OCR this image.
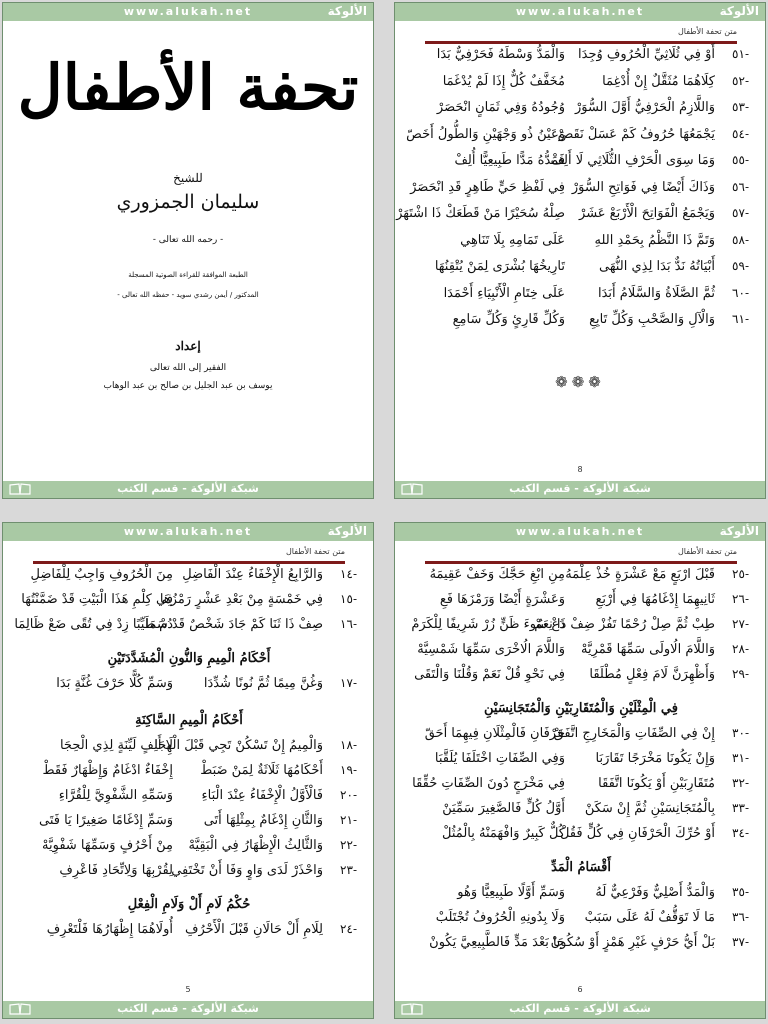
www.alukah.net	الألوكة
تحفة الأطفال
للشيخ
سليمان الجمزوري
- رحمه الله تعالى -
الطبعة الموافقة للقراءة الصوتية المسجلة
المدكتور / أيمن رشدي سويد - حفظه الله تعالى -
إعداد
الفقير إلى الله تعالى
يوسف بن عبد الجليل بن صالح بن عبد الوهاب
شبكة الألوكة - قسم الكتب
www.alukah.net	الألوكة
متن تحفة الأطفال
-٥١
أَوْ فِي ثُلَاثِيِّ الْحُرُوفِ وُجِدَا
وَالْمَدُّ وَسْطَهُ فَحَرْفِيٌّ بَدَا
-٥٢
كِلَاهُمَا مُثَقَّلٌ إِنْ أُدْغِمَا
مُخَفَّفٌ كُلٌّ إِذَا لَمْ يُدْغَمَا
-٥٣
وَاللَّازِمُ الْحَرْفِيُّ أَوَّلَ السُّوَرْ
وُجُودُهُ وَفِي ثَمَانٍ انْحَصَرْ
-٥٤
يَجْمَعُهَا حُرُوفُ كَمْ عَسَلْ نَقَصْ
وَعَيْنُ ذُو وَجْهَيْنِ وَالطُّولُ أَخَصّ
-٥٥
وَمَا سِوَى الْحَرْفِ الثُّلَاثِي لَا أَلِفْ
فَمَدُّهُ مَدًّا طَبِيعِيًّا أُلِفْ
-٥٦
وَذَاكَ أَيْضًا فِي فَوَاتِحِ السُّوَرْ
فِي لَفْظِ حَيٍّ طَاهِرٍ قَدِ انْحَصَرْ
-٥٧
وَيَجْمَعُ الْفَوَاتِحَ الْأَرْبَعْ عَشَرْ
صِلْهُ سُحَيْرًا مَنْ قَطَعَكْ ذَا اشْتَهَرْ
-٥٨
وَتَمَّ ذَا النَّظْمُ بِحَمْدِ اللهِ
عَلَى تَمَامِهِ بِلَا تَنَاهِي
-٥٩
أَبْيَاتُهُ نَدٌّ بَدَا لِذِي النُّهَى
تَارِيخُهَا بُشْرَى لِمَنْ يُتْقِنُهَا
-٦٠
ثُمَّ الصَّلَاةُ وَالسَّلَامُ أَبَدَا
عَلَى خِتَامِ الْأَنْبِيَاءِ أَحْمَدَا
-٦١
وَالْآلِ وَالصَّحْبِ وَكُلِّ تَابِعِ
وَكُلِّ قَارِئٍ وَكُلِّ سَامِعِ
❁❁❁
8
شبكة الألوكة - قسم الكتب
www.alukah.net	الألوكة
متن تحفة الأطفال
-١٤
وَالرَّابِعُ الْإِخْفَاءُ عِنْدَ الْفَاضِلِ
مِنَ الْحُرُوفِ وَاجِبٌ لِلْفَاضِلِ
-١٥
فِي خَمْسَةٍ مِنْ بَعْدِ عَشْرٍ رَمْزُهَا
فِي كِلْمِ هَذَا الْبَيْتِ قَدْ ضَمَّنْتُهَا
-١٦
صِفْ ذَا ثَنَا كَمْ جَادَ شَخْصٌ قَدْ سَمَا
دُمْ طَيِّبًا زِدْ فِي تُقًى ضَعْ ظَالِمَا
أَحْكَامُ الْمِيمِ وَالنُّونِ الْمُشَدَّدَتَيْنِ
-١٧
وَغُنَّ مِيمًا ثُمَّ نُونًا شُدِّدَا
وَسَمِّ كُلًّا حَرْفَ غُنَّةٍ بَدَا
أَحْكَامُ الْمِيمِ السَّاكِنَةِ
-١٨
وَالْمِيمُ إِنْ تَسْكُنْ تَجِي قَبْلَ الْهِجَا
لَا أَلِفٍ لَيِّنَةٍ لِذِي الْحِجَا
-١٩
أَحْكَامُهَا ثَلَاثَةٌ لِمَنْ ضَبَطْ
إِخْفَاءٌ ادْغَامٌ وَإِظْهَارٌ فَقَطْ
-٢٠
فَالْأَوَّلُ الْإِخْفَاءُ عِنْدَ الْبَاءِ
وَسَمِّهِ الشَّفْوِيَّ لِلْقُرَّاءِ
-٢١
وَالثَّانِ إِدْغَامٌ بِمِثْلِهَا أَتَى
وَسَمِّ إِدْغَامًا صَغِيرًا يَا فَتَى
-٢٢
وَالثَّالِثُ الْإِظْهَارُ فِي الْبَقِيَّهْ
مِنْ أَحْرُفٍ وَسَمِّهَا شَفْوِيَّهْ
-٢٣
وَاحْذَرْ لَدَى وَاوٍ وَفَا أَنْ تَخْتَفِي
لِقُرْبِهَا وَلِاتِّحَادِ فَاعْرِفِ
حُكْمُ لَامِ أَلْ وَلَامِ الْفِعْلِ
-٢٤
لِلَامِ أَلْ حَالَانِ قَبْلَ الْأَحْرُفِ
أُولَاهُمَا إِظْهَارُهَا فَلْتَعْرِفِ
5
شبكة الألوكة - قسم الكتب
www.alukah.net	الألوكة
متن تحفة الأطفال
-٢٥
قَبْلَ ارْبَعٍ مَعْ عَشْرَةٍ خُذْ عِلْمَهُ
مِنِ ابْغِ حَجَّكَ وَخَفْ عَقِيمَهُ
-٢٦
ثَانِيهِمَا إِدْغَامُهَا فِي أَرْبَعِ
وَعَشْرَةٍ أَيْضًا وَرَمْزَهَا فَعِ
-٢٧
طِبْ ثُمَّ صِلْ رُحْمًا تَفُزْ ضِفْ ذَا نِعَمْ
دَعْ سُوءَ ظَنٍّ زُرْ شَرِيفًا لِلْكَرَمْ
-٢٨
وَاللَّامَ الُاولَى سَمِّهَا قَمْرِيَّهْ
وَاللَّامَ الُاخْرَى سَمِّهَا شَمْسِيَّهْ
-٢٩
وَأَظْهِرَنَّ لَامَ فِعْلٍ مُطْلَقَا
فِي نَحْوِ قُلْ نَعَمْ وَقُلْنَا وَالْتَقَى
فِي الْمِثْلَيْنِ وَالْمُتَقَارِبَيْنِ وَالْمُتَجَانِسَيْنِ
-٣٠
إِنْ فِي الصِّفَاتِ وَالْمَخَارِجِ اتَّفَقْ
حَرْفَانِ فَالْمِثْلَانِ فِيهِمَا أَحَقّ
-٣١
وَإِنْ يَكُونَا مَخْرَجًا تَقَارَبَا
وَفِي الصِّفَاتِ اخْتَلَفَا يُلَقَّبَا
-٣٢
مُتَقَارِبَيْنِ أَوْ يَكُونَا اتَّفَقَا
فِي مَخْرَجٍ دُونَ الصِّفَاتِ حُقِّقَا
-٣٣
بِالْمُتَجَانِسَيْنِ ثُمَّ إِنْ سَكَنْ
أَوَّلُ كُلٍّ فَالصَّغِيرَ سَمِّيَنْ
-٣٤
أَوْ حُرِّكَ الْحَرْفَانِ فِي كُلٍّ فَقُلْ
كُلٌّ كَبِيرٌ وَافْهَمَنْهُ بِالْمُثُلْ
أَقْسَامُ الْمَدِّ
-٣٥
وَالْمَدُّ أَصْلِيٌّ وَفَرْعِيٌّ لَهُ
وَسَمِّ أَوَّلًا طَبِيعِيًّا وَهُو
-٣٦
مَا لَا تَوَقُّفٌ لَهُ عَلَى سَبَبْ
وَلَا بِدُونِهِ الْحُرُوفُ تُجْتَلَبْ
-٣٧
بَلْ أَيُّ حَرْفٍ غَيْرِ هَمْزٍ أَوْ سُكُونْ
جَا بَعْدَ مَدٍّ فَالطَّبِيعِيَّ يَكُونْ
6
شبكة الألوكة - قسم الكتب
